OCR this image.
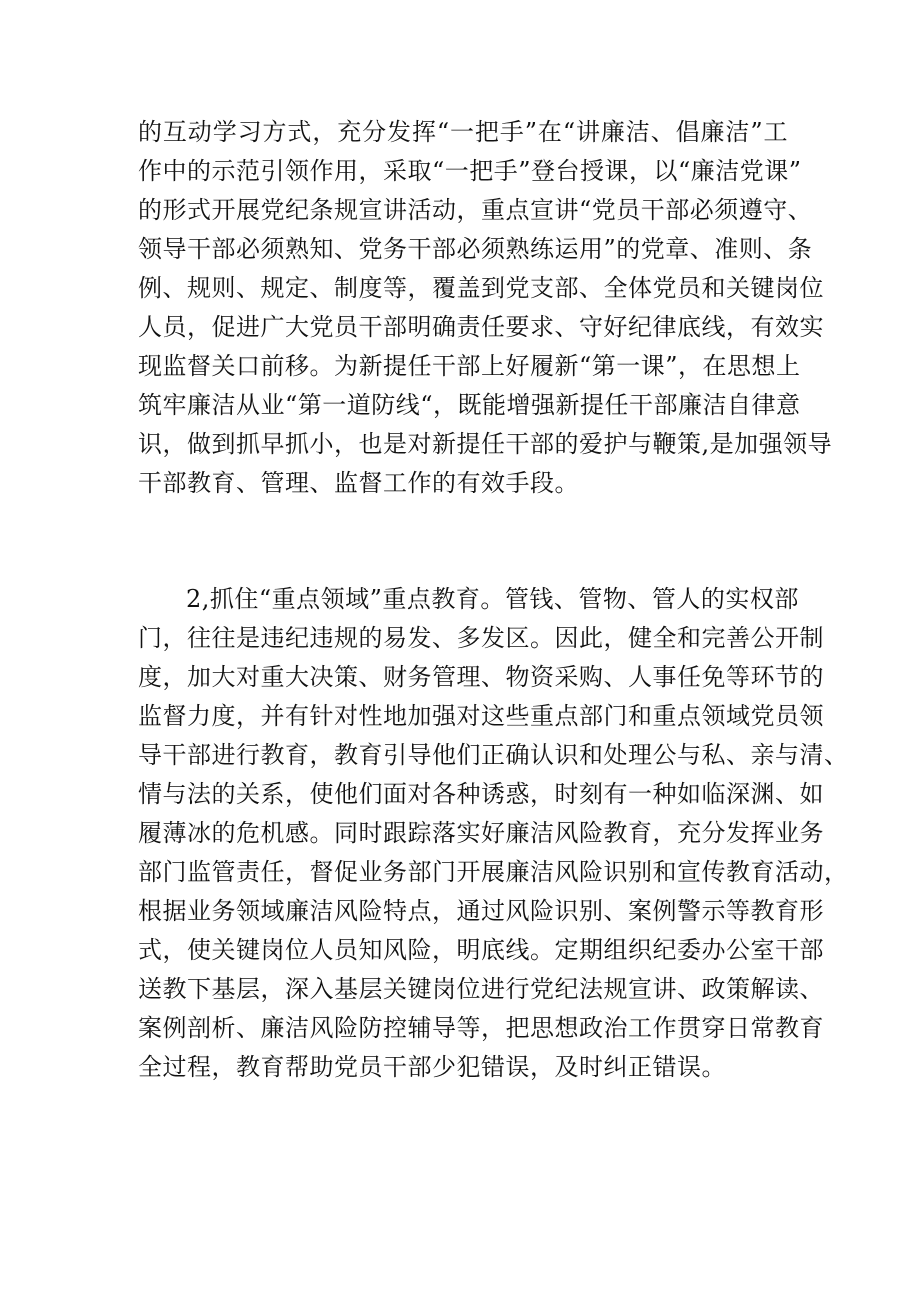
的互动学习方式，充分发挥“一把手”在“讲廉洁、倡廉洁”工
作中的示范引领作用，采取“一把手”登台授课，以“廉洁党课”
的形式开展党纪条规宣讲活动，重点宣讲“党员干部必须遵守、
领导干部必须熟知、党务干部必须熟练运用”的党章、准则、条
例、规则、规定、制度等，覆盖到党支部、全体党员和关键岗位
人员，促进广大党员干部明确责任要求、守好纪律底线，有效实
现监督关口前移。为新提任干部上好履新“第一课”，在思想上
筑牢廉洁从业“第一道防线“，既能增强新提任干部廉洁自律意
识，做到抓早抓小，也是对新提任干部的爱护与鞭策,是加强领导
干部教育、管理、监督工作的有效手段。
2,抓住“重点领域”重点教育。管钱、管物、管人的实权部
门，往往是违纪违规的易发、多发区。因此，健全和完善公开制
度，加大对重大决策、财务管理、物资采购、人事任免等环节的
监督力度，并有针对性地加强对这些重点部门和重点领域党员领
导干部进行教育，教育引导他们正确认识和处理公与私、亲与清、
情与法的关系，使他们面对各种诱惑，时刻有一种如临深渊、如
履薄冰的危机感。同时跟踪落实好廉洁风险教育，充分发挥业务
部门监管责任，督促业务部门开展廉洁风险识别和宣传教育活动，
根据业务领域廉洁风险特点，通过风险识别、案例警示等教育形
式，使关键岗位人员知风险，明底线。定期组织纪委办公室干部
送教下基层，深入基层关键岗位进行党纪法规宣讲、政策解读、
案例剖析、廉洁风险防控辅导等，把思想政治工作贯穿日常教育
全过程，教育帮助党员干部少犯错误，及时纠正错误。
